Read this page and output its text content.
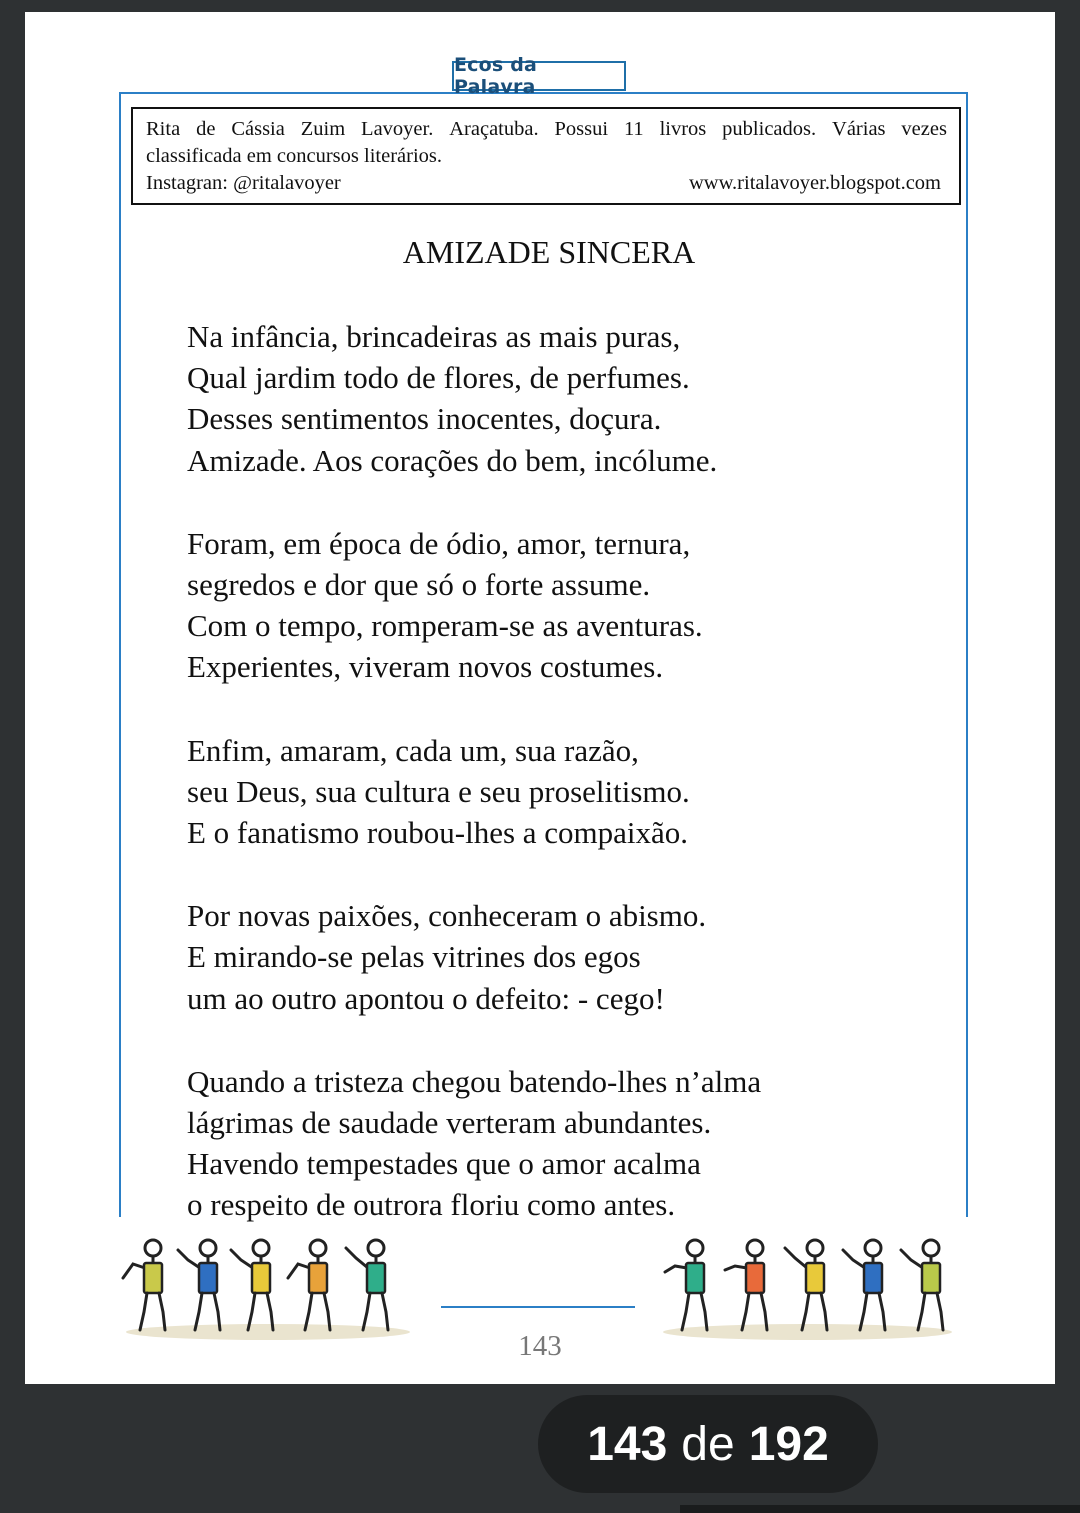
Ecos da Palavra
Rita de Cássia Zuim Lavoyer. Araçatuba. Possui 11 livros publicados. Várias vezes
classificada em concursos literários.
Instagran: @ritalavoyer	www.ritalavoyer.blogspot.com
AMIZADE SINCERA
Na infância, brincadeiras as mais puras,
Qual jardim todo de flores, de perfumes.
Desses sentimentos inocentes, doçura.
Amizade. Aos corações do bem, incólume.
Foram, em época de ódio, amor, ternura,
segredos e dor que só o forte assume.
Com o tempo, romperam-se as aventuras.
Experientes, viveram novos costumes.
Enfim, amaram, cada um, sua razão,
seu Deus, sua cultura e seu proselitismo.
E o fanatismo roubou-lhes a compaixão.
Por novas paixões, conheceram o abismo.
E mirando-se pelas vitrines dos egos
um ao outro apontou o defeito: - cego!
Quando a tristeza chegou batendo-lhes n’alma
lágrimas de saudade verteram abundantes.
Havendo tempestades que o amor acalma
o respeito de outrora floriu como antes.
143
143 de 192
